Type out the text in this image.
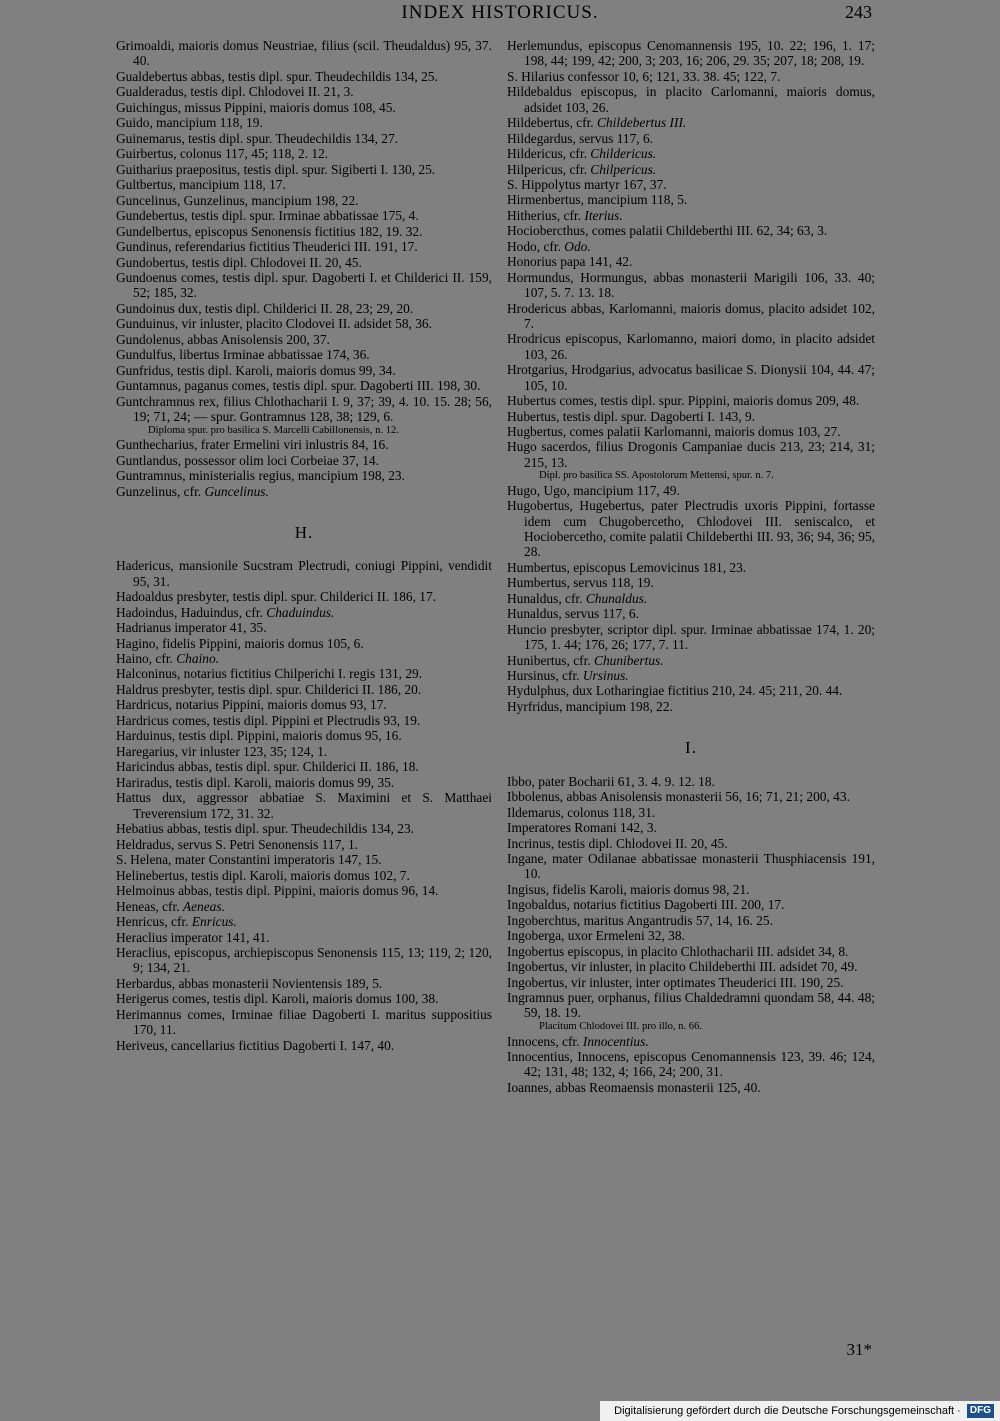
INDEX HISTORICUS.	243
Grimoaldi, maioris domus Neustriae, filius (scil. Theudaldus) 95, 37. 40.
Gualdebertus abbas, testis dipl. spur. Theudechildis 134, 25.
Gualderadus, testis dipl. Chlodovei II. 21, 3.
Guichingus, missus Pippini, maioris domus 108, 45.
Guido, mancipium 118, 19.
Guinemarus, testis dipl. spur. Theudechildis 134, 27.
Guirbertus, colonus 117, 45; 118, 2. 12.
Guitharius praepositus, testis dipl. spur. Sigiberti I. 130, 25.
Gultbertus, mancipium 118, 17.
Guncelinus, Gunzelinus, mancipium 198, 22.
Gundebertus, testis dipl. spur. Irminae abbatissae 175, 4.
Gundelbertus, episcopus Senonensis fictitius 182, 19. 32.
Gundinus, referendarius fictitius Theuderici III. 191, 17.
Gundobertus, testis dipl. Chlodovei II. 20, 45.
Gundoenus comes, testis dipl. spur. Dagoberti I. et Childerici II. 159, 52; 185, 32.
Gundoinus dux, testis dipl. Childerici II. 28, 23; 29, 20.
Gunduinus, vir inluster, placito Clodovei II. adsidet 58, 36.
Gundolenus, abbas Anisolensis 200, 37.
Gundulfus, libertus Irminae abbatissae 174, 36.
Gunfridus, testis dipl. Karoli, maioris domus 99, 34.
Guntamnus, paganus comes, testis dipl. spur. Dagoberti III. 198, 30.
Guntchramnus rex, filius Chlothacharii I. 9, 37; 39, 4. 10. 15. 28; 56, 19; 71, 24; — spur. Gontramnus 128, 38; 129, 6.
Diploma spur. pro basilica S. Marcelli Cabillonensis, n. 12.
Gunthecharius, frater Ermelini viri inlustris 84, 16.
Guntlandus, possessor olim loci Corbeiae 37, 14.
Guntramnus, ministerialis regius, mancipium 198, 23.
Gunzelinus, cfr. Guncelinus.
H.
Hadericus, mansionile Sucstram Plectrudi, coniugi Pippini, vendidit 95, 31.
Hadoaldus presbyter, testis dipl. spur. Childerici II. 186, 17.
Hadoindus, Haduindus, cfr. Chaduindus.
Hadrianus imperator 41, 35.
Hagino, fidelis Pippini, maioris domus 105, 6.
Haino, cfr. Chaino.
Halconinus, notarius fictitius Chilperichi I. regis 131, 29.
Haldrus presbyter, testis dipl. spur. Childerici II. 186, 20.
Hardricus, notarius Pippini, maioris domus 93, 17.
Hardricus comes, testis dipl. Pippini et Plectrudis 93, 19.
Harduinus, testis dipl. Pippini, maioris domus 95, 16.
Haregarius, vir inluster 123, 35; 124, 1.
Haricindus abbas, testis dipl. spur. Childerici II. 186, 18.
Hariradus, testis dipl. Karoli, maioris domus 99, 35.
Hattus dux, aggressor abbatiae S. Maximini et S. Matthaei Treverensium 172, 31. 32.
Hebatius abbas, testis dipl. spur. Theudechildis 134, 23.
Heldradus, servus S. Petri Senonensis 117, 1.
S. Helena, mater Constantini imperatoris 147, 15.
Helinebertus, testis dipl. Karoli, maioris domus 102, 7.
Helmoinus abbas, testis dipl. Pippini, maioris domus 96, 14.
Heneas, cfr. Aeneas.
Henricus, cfr. Enricus.
Heraclius imperator 141, 41.
Heraclius, episcopus, archiepiscopus Senonensis 115, 13; 119, 2; 120, 9; 134, 21.
Herbardus, abbas monasterii Novientensis 189, 5.
Herigerus comes, testis dipl. Karoli, maioris domus 100, 38.
Herimannus comes, Irminae filiae Dagoberti I. maritus suppositius 170, 11.
Heriveus, cancellarius fictitius Dagoberti I. 147, 40.
Herlemundus, episcopus Cenomannensis 195, 10. 22; 196, 1. 17; 198, 44; 199, 42; 200, 3; 203, 16; 206, 29. 35; 207, 18; 208, 19.
S. Hilarius confessor 10, 6; 121, 33. 38. 45; 122, 7.
Hildebaldus episcopus, in placito Carlomanni, maioris domus, adsidet 103, 26.
Hildebertus, cfr. Childebertus III.
Hildegardus, servus 117, 6.
Hildericus, cfr. Childericus.
Hilpericus, cfr. Chilpericus.
S. Hippolytus martyr 167, 37.
Hirmenbertus, mancipium 118, 5.
Hitherius, cfr. Iterius.
Hociobercthus, comes palatii Childeberthi III. 62, 34; 63, 3.
Hodo, cfr. Odo.
Honorius papa 141, 42.
Hormundus, Hormungus, abbas monasterii Marigili 106, 33. 40; 107, 5. 7. 13. 18.
Hrodericus abbas, Karlomanni, maioris domus, placito adsidet 102, 7.
Hrodricus episcopus, Karlomanno, maiori domo, in placito adsidet 103, 26.
Hrotgarius, Hrodgarius, advocatus basilicae S. Dionysii 104, 44. 47; 105, 10.
Hubertus comes, testis dipl. spur. Pippini, maioris domus 209, 48.
Hubertus, testis dipl. spur. Dagoberti I. 143, 9.
Hugbertus, comes palatii Karlomanni, maioris domus 103, 27.
Hugo sacerdos, filius Drogonis Campaniae ducis 213, 23; 214, 31; 215, 13.
Dipl. pro basilica SS. Apostolorum Mettensi, spur. n. 7.
Hugo, Ugo, mancipium 117, 49.
Hugobertus, Hugebertus, pater Plectrudis uxoris Pippini, fortasse idem cum Chugobercetho, Chlodovei III. seniscalco, et Hociobercetho, comite palatii Childeberthi III. 93, 36; 94, 36; 95, 28.
Humbertus, episcopus Lemovicinus 181, 23.
Humbertus, servus 118, 19.
Hunaldus, cfr. Chunaldus.
Hunaldus, servus 117, 6.
Huncio presbyter, scriptor dipl. spur. Irminae abbatissae 174, 1. 20; 175, 1. 44; 176, 26; 177, 7. 11.
Hunibertus, cfr. Chunibertus.
Hursinus, cfr. Ursinus.
Hydulphus, dux Lotharingiae fictitius 210, 24. 45; 211, 20. 44.
Hyrfridus, mancipium 198, 22.
I.
Ibbo, pater Bocharii 61, 3. 4. 9. 12. 18.
Ibbolenus, abbas Anisolensis monasterii 56, 16; 71, 21; 200, 43.
Ildemarus, colonus 118, 31.
Imperatores Romani 142, 3.
Incrinus, testis dipl. Chlodovei II. 20, 45.
Ingane, mater Odilanae abbatissae monasterii Thusphiacensis 191, 10.
Ingisus, fidelis Karoli, maioris domus 98, 21.
Ingobaldus, notarius fictitius Dagoberti III. 200, 17.
Ingoberchtus, maritus Angantrudis 57, 14, 16. 25.
Ingoberga, uxor Ermeleni 32, 38.
Ingobertus episcopus, in placito Chlothacharii III. adsidet 34, 8.
Ingobertus, vir inluster, in placito Childeberthi III. adsidet 70, 49.
Ingobertus, vir inluster, inter optimates Theuderici III. 190, 25.
Ingramnus puer, orphanus, filius Chaldedramni quondam 58, 44. 48; 59, 18. 19.
Placitum Chlodovei III. pro illo, n. 66.
Innocens, cfr. Innocentius.
Innocentius, Innocens, episcopus Cenomannensis 123, 39. 46; 124, 42; 131, 48; 132, 4; 166, 24; 200, 31.
Ioannes, abbas Reomaensis monasterii 125, 40.
31*
Digitalisierung gefördert durch die Deutsche Forschungsgemeinschaft · DFG
